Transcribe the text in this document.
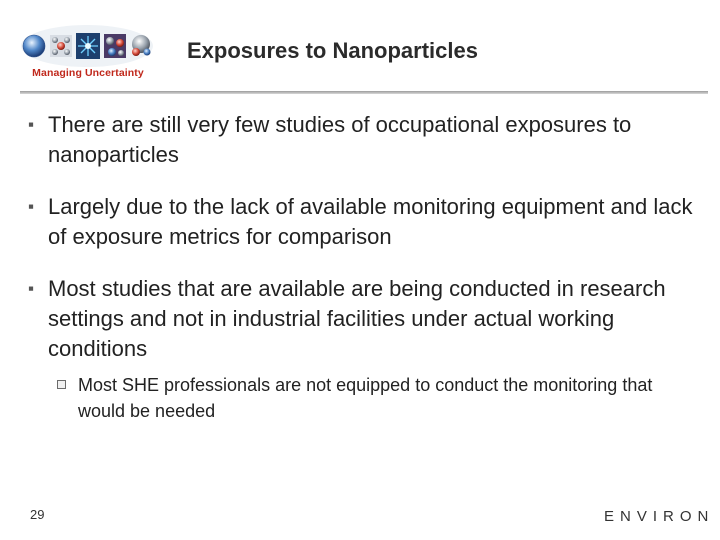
Managing Uncertainty
Exposures to Nanoparticles
▪ There are still very few studies of occupational exposures to nanoparticles
▪ Largely due to the lack of available monitoring equipment and lack of exposure metrics for comparison
▪ Most studies that are available are being conducted in research settings and not in industrial facilities under actual working conditions
Most SHE professionals are not equipped to conduct the monitoring that would be needed
29	ENVIRON
